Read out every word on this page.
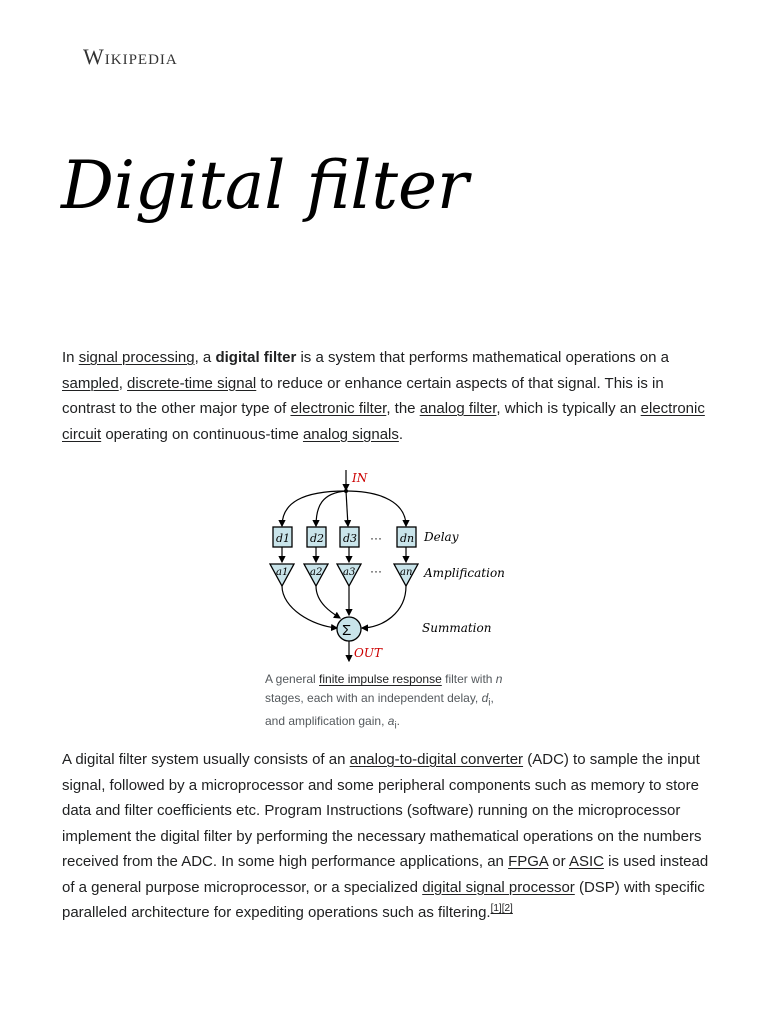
Wikipedia
Digital filter

In signal processing, a digital filter is a system that performs mathematical operations on a sampled, discrete-time signal to reduce or enhance certain aspects of that signal. This is in contrast to the other major type of electronic filter, the analog filter, which is typically an electronic circuit operating on continuous-time analog signals.

IN
d1 d2 d3	dn
···	Delay
a1 a2 a3	an
···	Amplification
Σ	Summation
OUT
A general finite impulse response filter with n stages, each with an independent delay, $d_i$, and amplification gain, $a_i$.

A digital filter system usually consists of an analog-to-digital converter (ADC) to sample the input signal, followed by a microprocessor and some peripheral components such as memory to store data and filter coefficients etc. Program Instructions (software) running on the microprocessor implement the digital filter by performing the necessary mathematical operations on the numbers received from the ADC. In some high performance applications, an FPGA or ASIC is used instead of a general purpose microprocessor, or a specialized digital signal processor (DSP) with specific paralleled architecture for expediting operations such as filtering.[1][2]
